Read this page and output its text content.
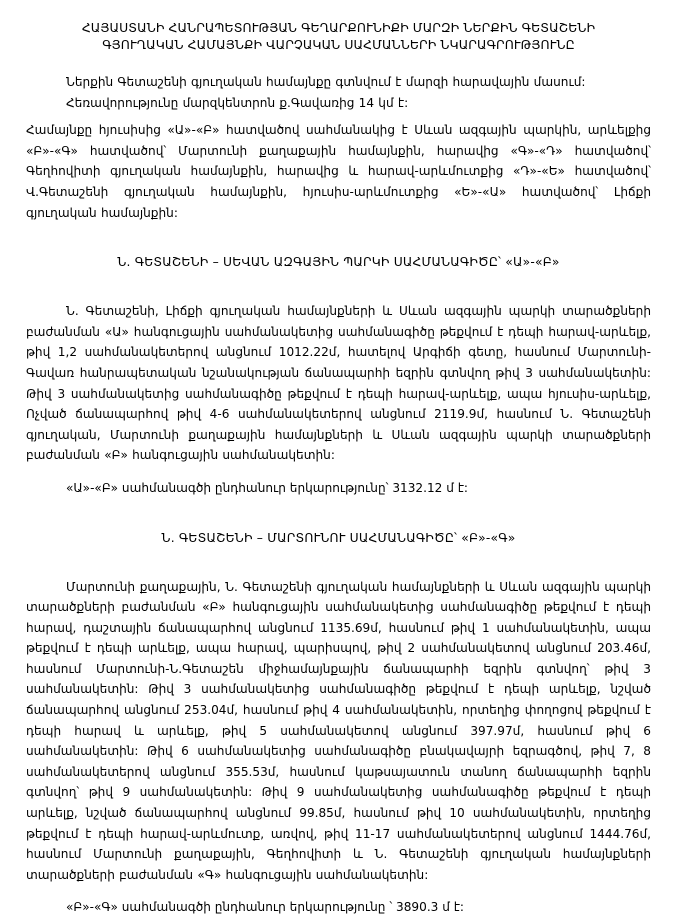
ՀԱՅԱՍՏԱՆԻ ՀԱՆՐԱՊԵՏՈՒԹՅԱՆ ԳԵՂԱՐՔՈՒՆԻՔԻ ՄԱՐԶԻ ՆԵՐՔԻՆ ԳԵՏԱՇԵՆԻ
ԳՅՈՒՂԱԿԱՆ ՀԱՄԱՅՆՔԻ ՎԱՐՉԱԿԱՆ ՍԱՀՄԱՆՆԵՐԻ ՆԿԱՐԱԳՐՈՒԹՅՈՒՆԸ

Ներքին Գետաշենի գյուղական համայնքը գտնվում է մարզի հարավային մասում:

Հեռավորությունը մարզկենտրոն ք.Գավառից 14 կմ է:

Համայնքը հյուսիսից «Ա»-«Բ» հատվածով սահմանակից է Սևան ազգային պարկին, արևելքից «Բ»-«Գ» հատվածով՝ Մարտունի քաղաքային համայնքին, հարավից «Գ»-«Դ» հատվածով՝ Գեղհովիտի գյուղական համայնքին, հարավից և հարավ-արևմուտքից «Դ»-«Ե» հատվածով՝ Վ.Գետաշենի գյուղական համայնքին, հյուսիս-արևմուտքից «Ե»-«Ա» հատվածով՝ Լիճքի գյուղական համայնքին:

Ն. ԳԵՏԱՇԵՆԻ – ՍԵՎԱՆ ԱԶԳԱՅԻՆ ՊԱՐԿԻ ՍԱՀՄԱՆԱԳԻԾԸ՝ «Ա»-«Բ»

Ն. Գետաշենի, Լիճքի գյուղական համայնքների և Սևան ազգային պարկի տարածքների բաժանման «Ա» հանգուցային սահմանակետից սահմանագիծը թեքվում է դեպի հարավ-արևելք, թիվ 1,2 սահմանակետերով անցնում 1012.22մ, հատելով Արգիճի գետը, հասնում Մարտունի-Գավառ հանրապետական նշանակության ճանապարհի եզրին գտնվող թիվ 3 սահմանակետին: Թիվ 3 սահմանակետից սահմանագիծը թեքվում է դեպի հարավ-արևելք, ապա հյուսիս-արևելք, Ոչված ճանապարհով թիվ 4-6 սահմանակետերով անցնում 2119.9մ, հասնում Ն. Գետաշենի գյուղական, Մարտունի քաղաքային համայնքների և Սևան ազգային պարկի տարածքների բաժանման «Բ» հանգուցային սահմանակետին:

«Ա»-«Բ» սահմանագծի ընդհանուր երկարությունը՝ 3132.12 մ է:

Ն. ԳԵՏԱՇԵՆԻ – ՄԱՐՏՈՒՆՈՒ ՍԱՀՄԱՆԱԳԻԾԸ՝ «Բ»-«Գ»

Մարտունի քաղաքային, Ն. Գետաշենի գյուղական համայնքների և Սևան ազգային պարկի տարածքների բաժանման «Բ» հանգուցային սահմանակետից սահմանագիծը թեքվում է դեպի հարավ, դաշտային ճանապարհով անցնում 1135.69մ, հասնում թիվ 1 սահմանակետին, ապա թեքվում է դեպի արևելք, ապա հարավ, պարիսպով, թիվ 2 սահմանակետով անցնում 203.46մ, հասնում Մարտունի-Ն.Գետաշեն միջհամայնքային ճանապարհի եզրին գտնվող՝ թիվ 3 սահմանակետին: Թիվ 3 սահմանակետից սահմանագիծը թեքվում է դեպի արևելք, նշված ճանապարհով անցնում 253.04մ, հասնում թիվ 4 սահմանակետին, որտեղից փողոցով թեքվում է դեպի հարավ և արևելք, թիվ 5 սահմանակետով անցնում 397.97մ, հասնում թիվ 6 սահմանակետին: Թիվ 6 սահմանակետից սահմանագիծը բնակավայրի եզրագծով, թիվ 7, 8 սահմանակետերով անցնում 355.53մ, հասնում կաթսայատուն տանող ճանապարհի եզրին գտնվող՝ թիվ 9 սահմանակետին: Թիվ 9 սահմանակետից սահմանագիծը թեքվում է դեպի արևելք, նշված ճանապարհով անցնում 99.85մ, հասնում թիվ 10 սահմանակետին, որտեղից թեքվում է դեպի հարավ-արևմուտք, առվով, թիվ 11-17 սահմանակետերով անցնում 1444.76մ, հասնում Մարտունի քաղաքային, Գեղհովիտի և Ն. Գետաշենի գյուղական համայնքների տարածքների բաժանման «Գ» հանգուցային սահմանակետին:

«Բ»-«Գ» սահմանագծի ընդհանուր երկարությունը ՝ 3890.3 մ է:
